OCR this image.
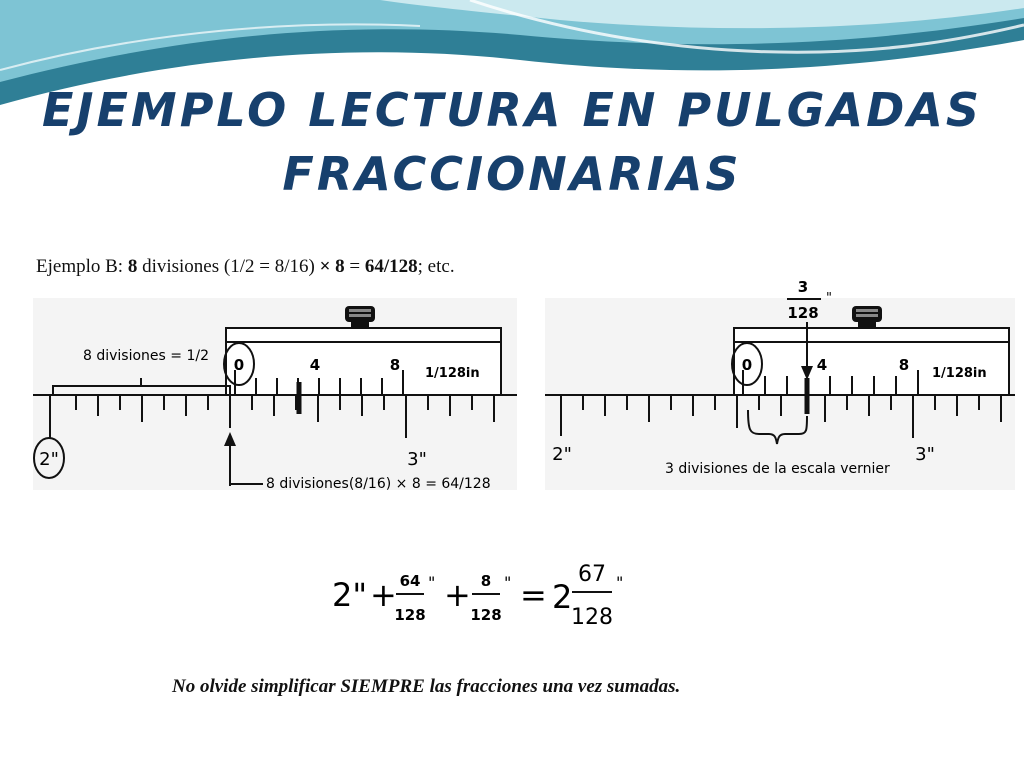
EJEMPLO LECTURA EN PULGADAS
FRACCIONARIAS
Ejemplo B: 8 divisiones (1/2 = 8/16) × 8 = 64/128; etc.
0	4	8 1/128in
8 divisiones = 1/2
8 divisiones(8/16) × 8 = 64/128
2"	3"
3
128
"
0	4	8 1/128in
3 divisiones de la escala vernier
2"	3"
2" + 64
128
" + 8
128
" = 2
67
128
"
No olvide simplificar SIEMPRE las fracciones una vez sumadas.
